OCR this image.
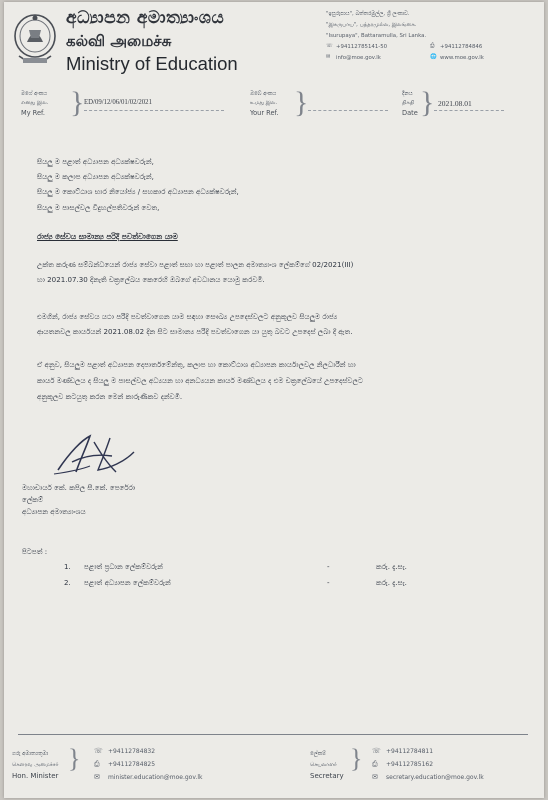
අධ්‍යාපන අමාත්‍යාංශය
கல்வி அமைச்சு
Ministry of Education
"ඉසුරුපාය", බත්තරමුල්ල, ශ්‍රී ලංකාව.
"இசுருபாய", பத்தரமுல்ல, இலங்கை.
"Isurupaya", Battaramulla, Sri Lanka.
☏ +94112785141-50	⎙ +94112784846
✉ info@moe.gov.lk	🌐 www.moe.gov.lk
මගේ අංකය
எனது இல.
My Ref. } ED/09/12/06/01/02/2021
ඔබේ අංකය
உமது இல.
Your Ref. }	දිනය
திகதி
Date } 2021.08.01
සියලු ම පළාත් අධ්‍යාපන අධ්‍යක්ෂවරුන්,
සියලු ම කලාප අධ්‍යාපන අධ්‍යක්ෂවරුන්,
සියලු ම කොට්ඨාශ භාර නියෝජ්‍ය / සහකාර අධ්‍යාපන අධ්‍යක්ෂවරුන්,
සියලු ම පාසල්වල විදුහල්පතිවරුන් වෙත,
රාජ්‍ය සේවය සාමාන්‍ය පරිදි පවත්වාගෙන යාම
උක්ත කරුණ සම්බන්ධයෙන් රාජ්‍ය සේවා පළාත් සභා හා පළාත් පාලන අමාත්‍යාංශ ලේකම්ගේ 02/2021(III)
හා 2021.07.30 දිනැති චක්‍රලේඛය කෙරෙහි ඔබගේ අවධානය යොමු කරවමි.
එමගින්, රාජ්‍ය සේවය යථා පරිදි පවත්වාගෙන යාම සඳහා සෞඛ්‍ය උපදෙස්වලට අනුකූලව සියලුම රාජ්‍ය
ආයතනවල කාර්යයන් 2021.08.02 දින සිට සාමාන්‍ය පරිදි පවත්වාගෙන යා යුතු බවට උපදෙස් ලබා දී ඇත.
ඒ අනුව, සියලුම පළාත් අධ්‍යාපන දෙපාර්තමේන්තු, කලාප හා කොට්ඨාශ අධ්‍යාපන කාර්යාලවල නිලධාරීන් හා
කාර්ය මණ්ඩලය ද සියලු ම පාසල්වල අධ්‍යයන හා අනධ්‍යයන කාර්ය මණ්ඩලය ද එම චක්‍රලේඛයේ උපදෙස්වලට
අනුකූලව කටයුතු කරන මෙන් කාරුණිකව දන්වමි.
මහාචාර්ය කේ. කපිල සී.කේ. පෙරේරා
ලේකම්
අධ්‍යාපන අමාත්‍යාංශය
පිටපත් :
1. පළාත් ප්‍රධාන ලේකම්වරුන්	-	කරු. දැ.සැ.
2. පළාත් අධ්‍යාපන ලේකම්වරුන්	-	කරු. දැ.සැ.
ගරු අමාත්‍යතුමා
கௌரவ அமைச்சர்
Hon. Minister
} ☏ +94112784832
⎙ +94112784825
✉ minister.education@moe.gov.lk
ලේකම්
செயலாளர்
Secretary
} ☏ +94112784811
⎙ +94112785162
✉ secretary.education@moe.gov.lk
